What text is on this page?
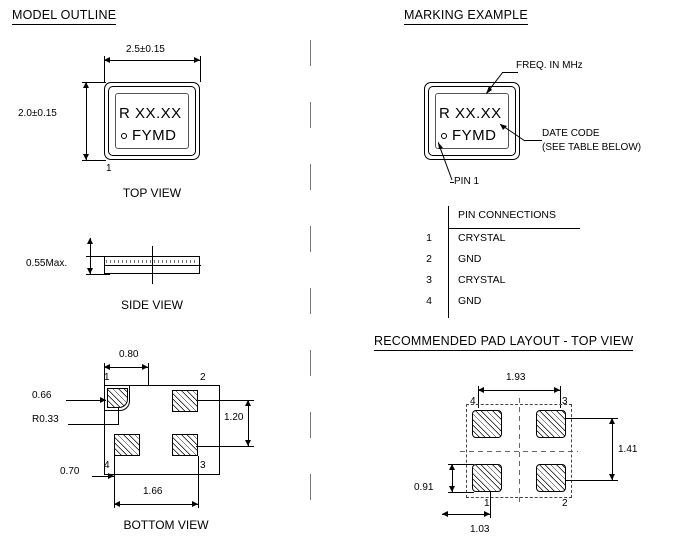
MODEL OUTLINE
2.5±0.15
2.0±0.15	R XX.XX
FYMD
1
TOP VIEW
0.55Max.
SIDE VIEW
0.80
1	2
4	3
0.66
R0.33	1.20
0.70
1.66
BOTTOM VIEW
MARKING EXAMPLE
R XX.XX
FYMD
FREQ. IN MHz
DATE CODE
(SEE TABLE BELOW)
PIN 1
PIN CONNECTIONS
1	CRYSTAL
2	GND
3	CRYSTAL
4	GND
RECOMMENDED PAD LAYOUT - TOP VIEW
1.93
4	3
1	2
1.41
0.91
1.03
